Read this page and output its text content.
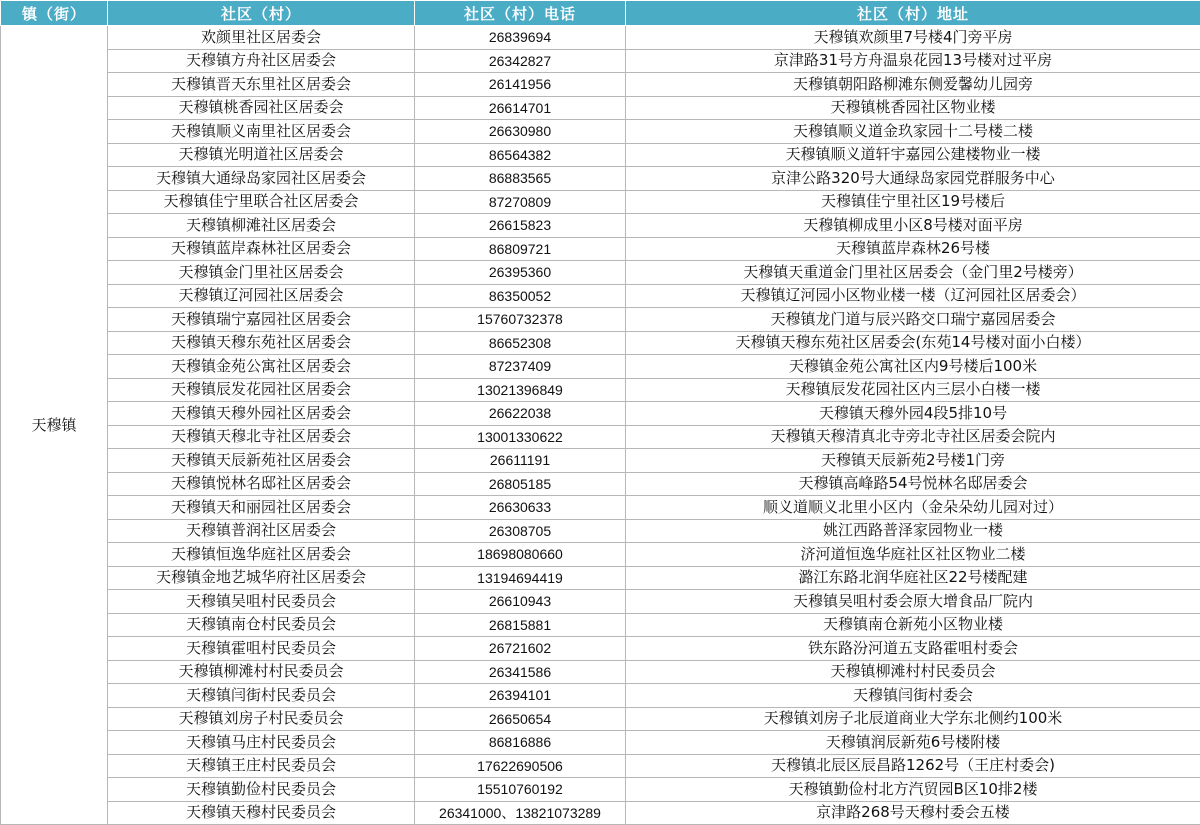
镇（街）	社区（村）	社区（村）电话	社区（村）地址
天穆镇	欢颜里社区居委会	26839694	天穆镇欢颜里7号楼4门旁平房
	天穆镇方舟社区居委会	26342827	京津路31号方舟温泉花园13号楼对过平房
	天穆镇晋天东里社区居委会	26141956	天穆镇朝阳路柳滩东侧爱馨幼儿园旁
	天穆镇桃香园社区居委会	26614701	天穆镇桃香园社区物业楼
	天穆镇顺义南里社区居委会	26630980	天穆镇顺义道金玖家园十二号楼二楼
	天穆镇光明道社区居委会	86564382	天穆镇顺义道轩宇嘉园公建楼物业一楼
	天穆镇大通绿岛家园社区居委会	86883565	京津公路320号大通绿岛家园党群服务中心
	天穆镇佳宁里联合社区居委会	87270809	天穆镇佳宁里社区19号楼后
	天穆镇柳滩社区居委会	26615823	天穆镇柳成里小区8号楼对面平房
	天穆镇蓝岸森林社区居委会	86809721	天穆镇蓝岸森林26号楼
	天穆镇金门里社区居委会	26395360	天穆镇天重道金门里社区居委会（金门里2号楼旁）
	天穆镇辽河园社区居委会	86350052	天穆镇辽河园小区物业楼一楼（辽河园社区居委会）
	天穆镇瑞宁嘉园社区居委会	15760732378	天穆镇龙门道与辰兴路交口瑞宁嘉园居委会
	天穆镇天穆东苑社区居委会	86652308	天穆镇天穆东苑社区居委会(东苑14号楼对面小白楼）
	天穆镇金苑公寓社区居委会	87237409	天穆镇金苑公寓社区内9号楼后100米
	天穆镇辰发花园社区居委会	13021396849	天穆镇辰发花园社区内三层小白楼一楼
	天穆镇天穆外园社区居委会	26622038	天穆镇天穆外园4段5排10号
	天穆镇天穆北寺社区居委会	13001330622	天穆镇天穆清真北寺旁北寺社区居委会院内
	天穆镇天辰新苑社区居委会	26611191	天穆镇天辰新苑2号楼1门旁
	天穆镇悦林名邸社区居委会	26805185	天穆镇高峰路54号悦林名邸居委会
	天穆镇天和丽园社区居委会	26630633	顺义道顺义北里小区内（金朵朵幼儿园对过）
	天穆镇普润社区居委会	26308705	姚江西路普泽家园物业一楼
	天穆镇恒逸华庭社区居委会	18698080660	济河道恒逸华庭社区社区物业二楼
	天穆镇金地艺城华府社区居委会	13194694419	潞江东路北润华庭社区22号楼配建
	天穆镇吴咀村民委员会	26610943	天穆镇吴咀村委会原大增食品厂院内
	天穆镇南仓村民委员会	26815881	天穆镇南仓新苑小区物业楼
	天穆镇霍咀村民委员会	26721602	铁东路汾河道五支路霍咀村委会
	天穆镇柳滩村村民委员会	26341586	天穆镇柳滩村村民委员会
	天穆镇闫街村民委员会	26394101	天穆镇闫街村委会
	天穆镇刘房子村民委员会	26650654	天穆镇刘房子北辰道商业大学东北侧约100米
	天穆镇马庄村民委员会	86816886	天穆镇润辰新苑6号楼附楼
	天穆镇王庄村民委员会	17622690506	天穆镇北辰区辰昌路1262号（王庄村委会)
	天穆镇勤俭村民委员会	15510760192	天穆镇勤俭村北方汽贸园B区10排2楼
	天穆镇天穆村民委员会	26341000、13821073289	京津路268号天穆村委会五楼
